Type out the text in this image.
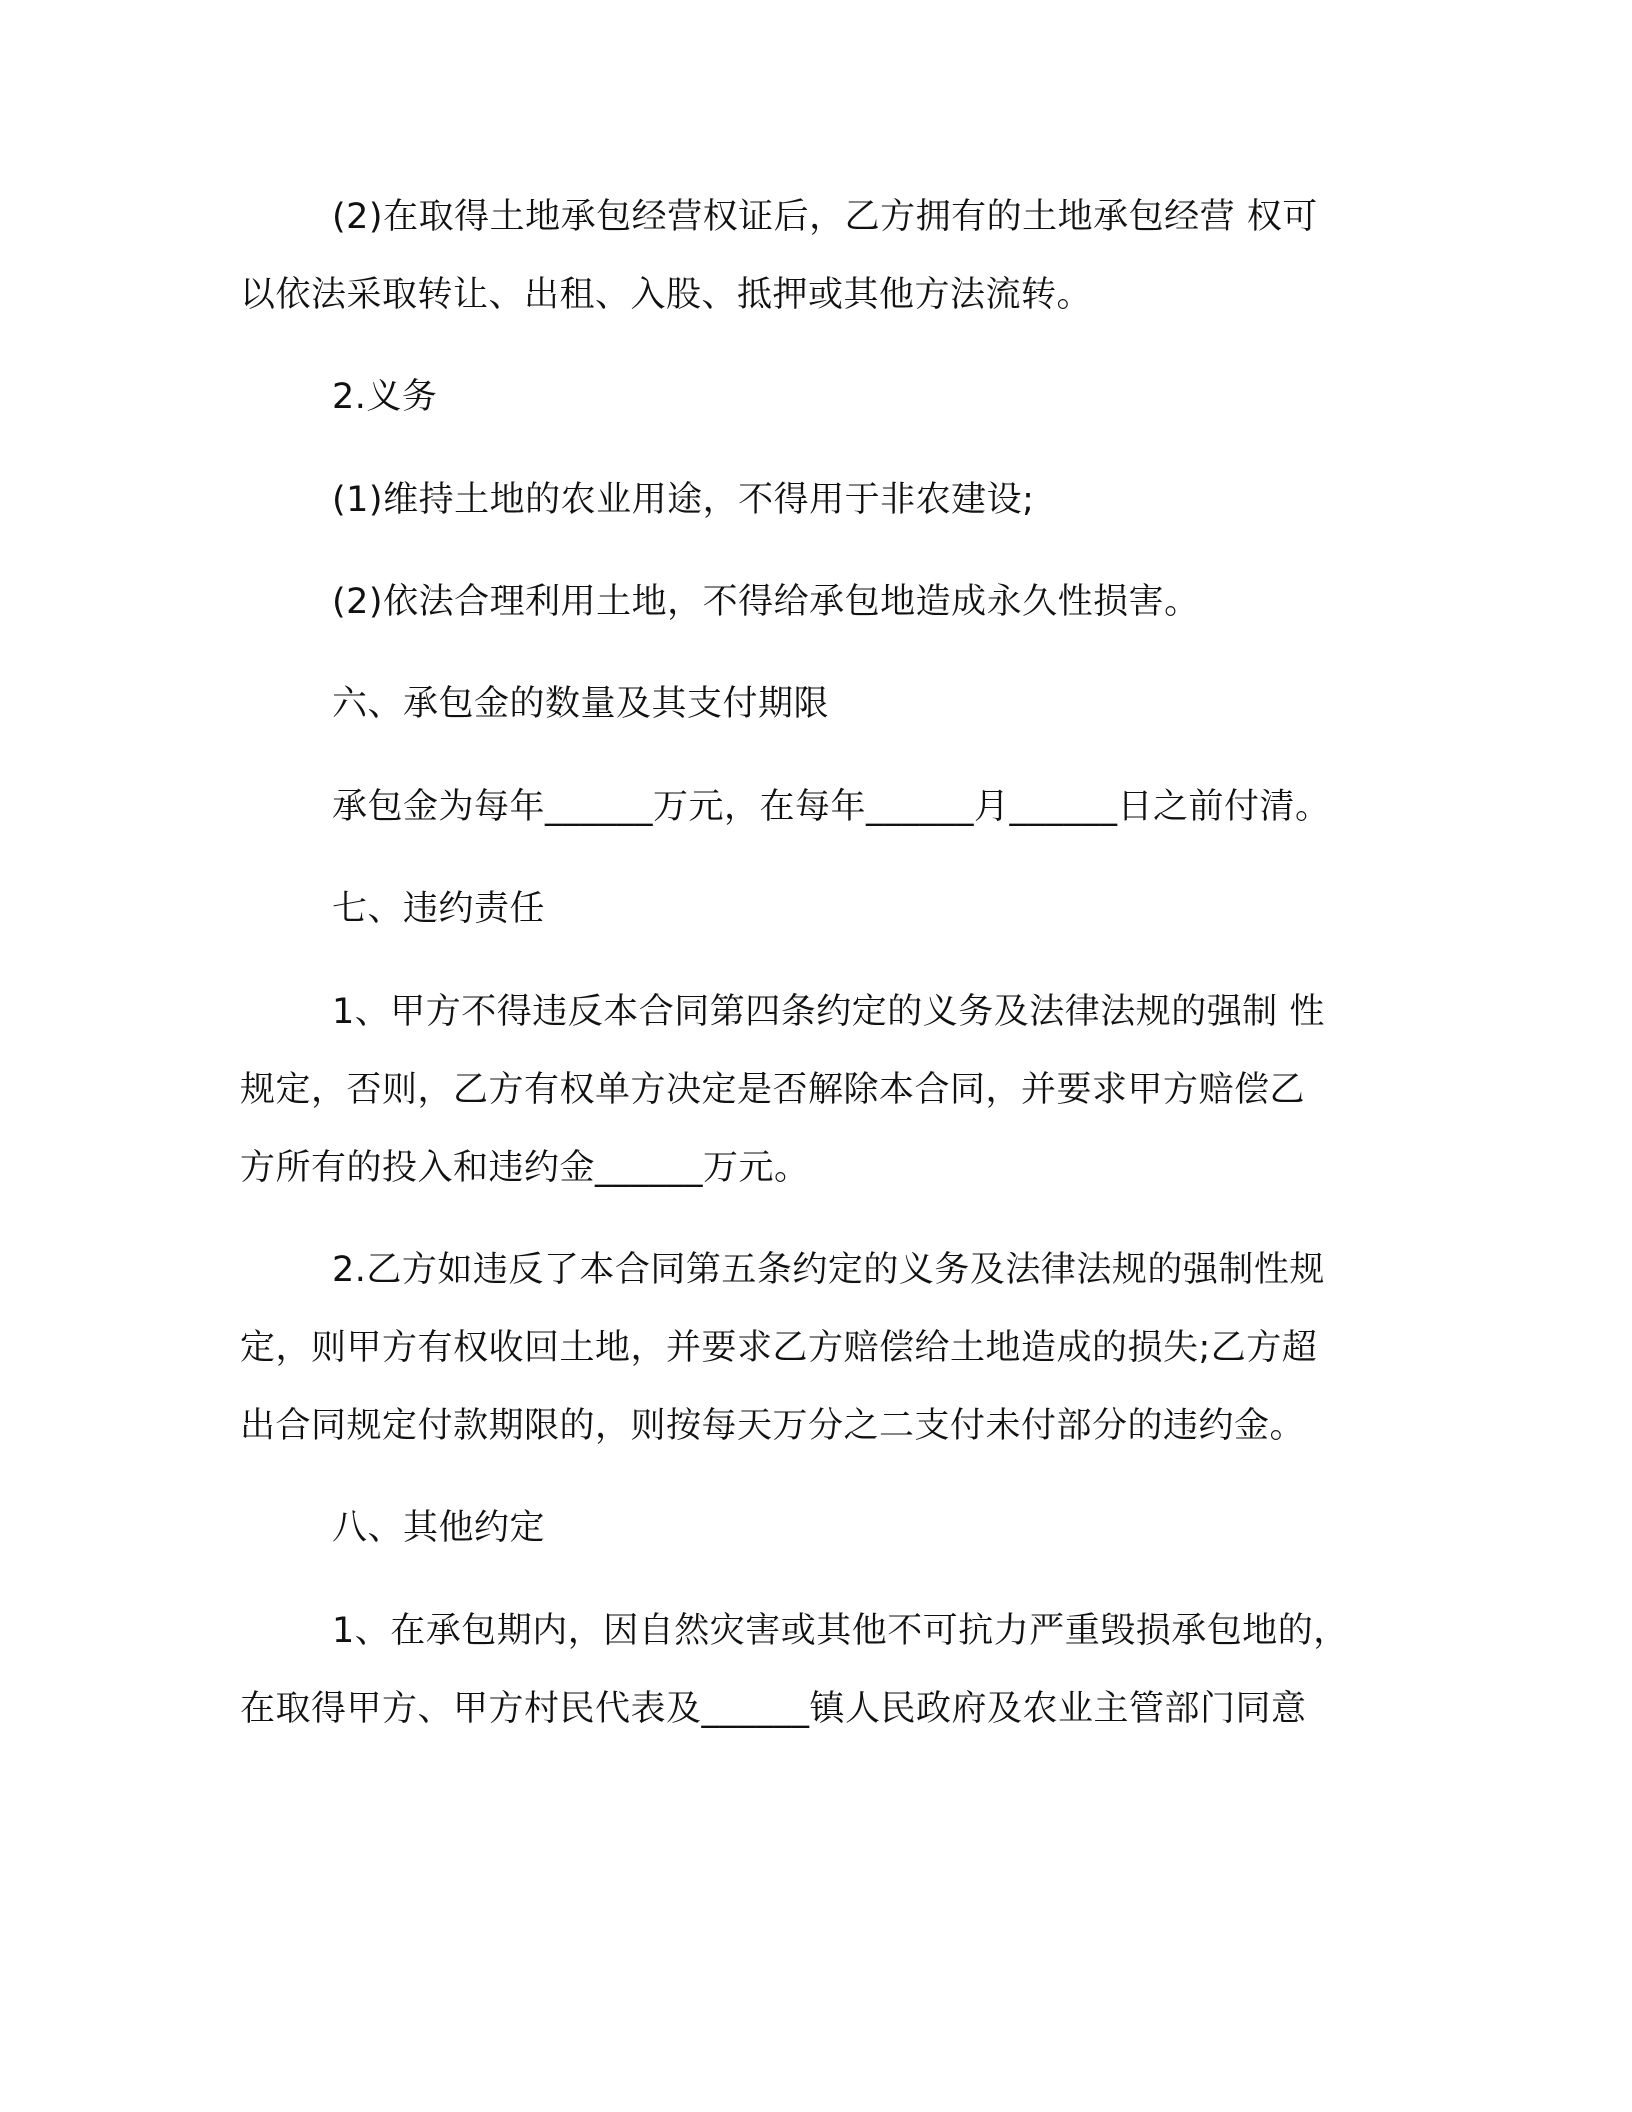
(2)在取得土地承包经营权证后，乙方拥有的土地承包经营 权可
以依法采取转让、出租、入股、抵押或其他方法流转。
2.义务
(1)维持土地的农业用途，不得用于非农建设;
(2)依法合理利用土地，不得给承包地造成永久性损害。
六、承包金的数量及其支付期限
承包金为每年______万元，在每年______月______日之前付清。
七、违约责任
1、甲方不得违反本合同第四条约定的义务及法律法规的强制 性
规定，否则，乙方有权单方决定是否解除本合同，并要求甲方赔偿乙
方所有的投入和违约金______万元。
2.乙方如违反了本合同第五条约定的义务及法律法规的强制性规
定，则甲方有权收回土地，并要求乙方赔偿给土地造成的损失;乙方超
出合同规定付款期限的，则按每天万分之二支付未付部分的违约金。
八、其他约定
1、在承包期内，因自然灾害或其他不可抗力严重毁损承包地的，
在取得甲方、甲方村民代表及______镇人民政府及农业主管部门同意
